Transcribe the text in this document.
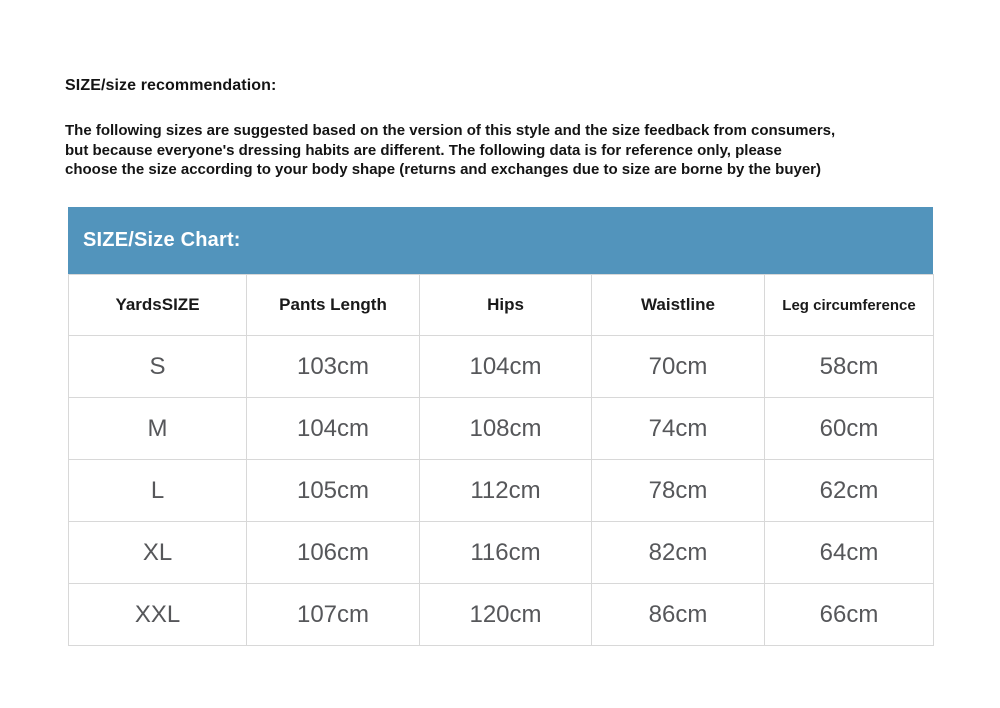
SIZE/size recommendation:
The following sizes are suggested based on the version of this style and the size feedback from consumers,
but because everyone's dressing habits are different. The following data is for reference only, please
choose the size according to your body shape (returns and exchanges due to size are borne by the buyer)
SIZE/Size Chart:
YardsSIZE	Pants Length	Hips	Waistline	Leg circumference
S	103cm	104cm	70cm	58cm
M	104cm	108cm	74cm	60cm
L	105cm	112cm	78cm	62cm
XL	106cm	116cm	82cm	64cm
XXL	107cm	120cm	86cm	66cm
